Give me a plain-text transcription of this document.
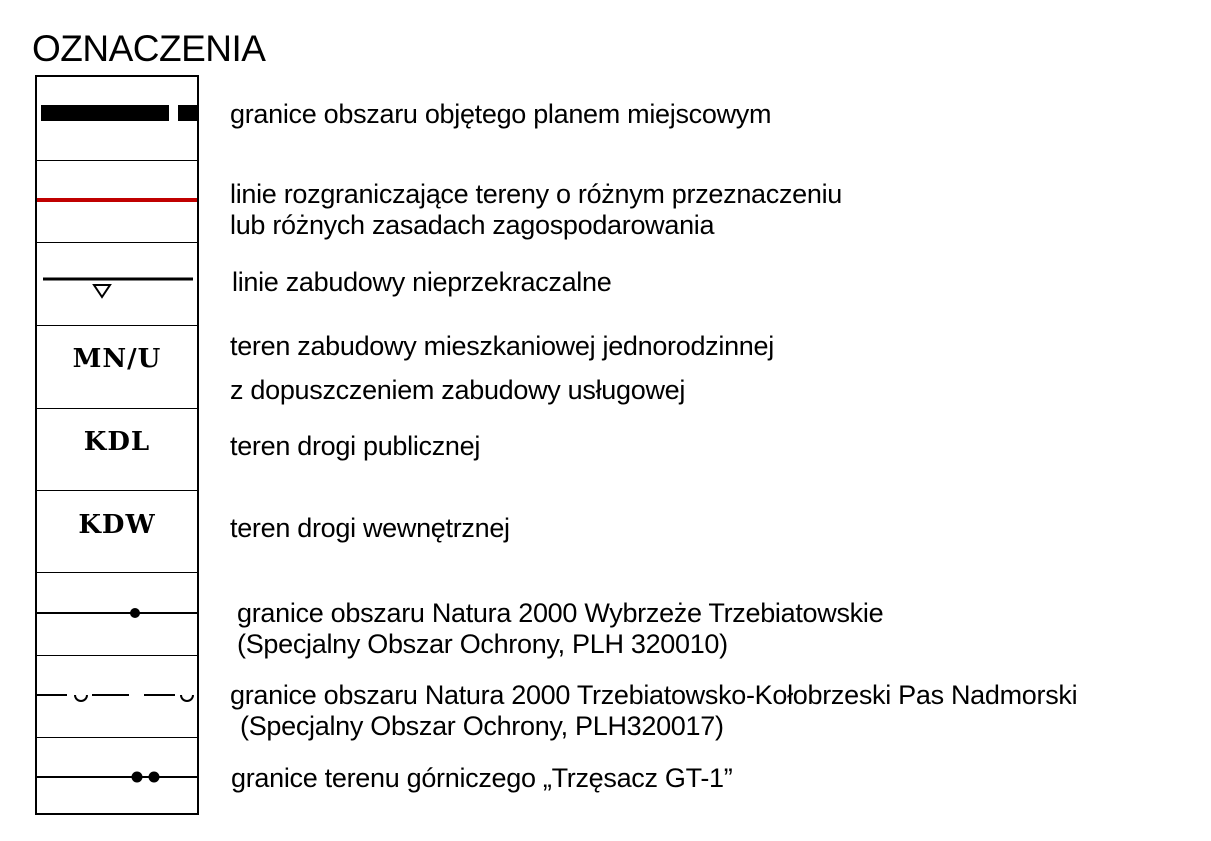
OZNACZENIA
MN/U
KDL
KDW
granice obszaru objętego planem miejscowym
linie rozgraniczające tereny o różnym przeznaczeniu
lub różnych zasadach zagospodarowania
linie zabudowy nieprzekraczalne
teren zabudowy mieszkaniowej jednorodzinnej
z dopuszczeniem zabudowy usługowej
teren drogi publicznej
teren drogi wewnętrznej
granice obszaru Natura 2000 Wybrzeże Trzebiatowskie
(Specjalny Obszar Ochrony, PLH 320010)
granice obszaru Natura 2000 Trzebiatowsko-Kołobrzeski Pas Nadmorski
(Specjalny Obszar Ochrony, PLH320017)
granice terenu górniczego „Trzęsacz GT-1”
